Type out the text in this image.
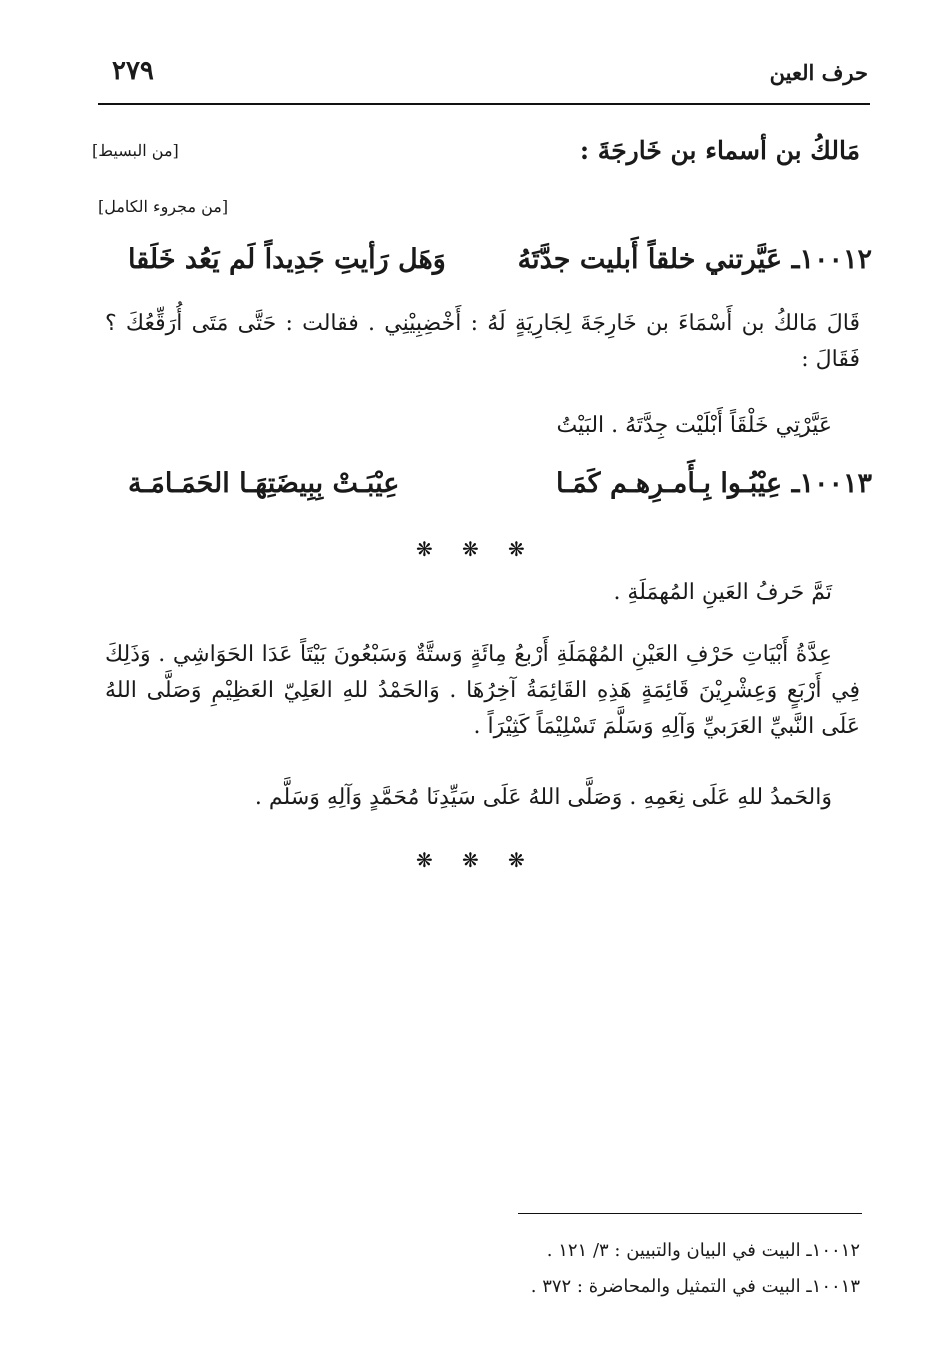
حرف العين
٢٧٩
مَالكُ بن أسماء بن خَارجَةَ :
[من البسيط]
[من مجروء الكامل]
١٠٠١٢ـ عَيَّرتني خلقاً أَبليت جدَّتَهُ
وَهَل رَأيتِ جَدِيداً لَم يَعُد خَلَقا
قَالَ مَالكُ بن أَسْمَاءَ بن خَارِجَةَ لِجَارِيَةٍ لَهُ : أَخْضِبِيْنِي . فقالت : حَتَّى مَتَى أُرَقِّعُكَ ؟ فَقَالَ :
عَيَّرْتِي خَلْقَاً أَبْلَيْت جِدَّتَهُ . البَيْتُ
١٠٠١٣ـ عِيْبُـوا بِـأَمـرِهـم كَمَـا
عِيْبَـتْ بِبِيضَتِهَـا الحَمَـامَـة
❋ ❋ ❋
تَمَّ حَرفُ العَينِ المُهمَلَةِ .
عِدَّةُ أَبْيَاتِ حَرْفِ العَيْنِ المُهْمَلَةِ أَرْبعُ مِائَةٍ وَستَّةٌ وَسَبْعُونَ بَيْتَاً عَدَا الحَوَاشِي . وَذَلِكَ فِي أَرْبَعٍ وَعِشْرِيْنَ قَائِمَةٍ هَذِهِ القَائِمَةُ آخِرُهَا . وَالحَمْدُ للهِ العَلِيّ العَظِيْمِ وَصَلَّى اللهُ عَلَى النَّبيِّ العَرَبيِّ وَآلِهِ وَسَلَّمَ تَسْلِيْمَاً كَثِيْرَاً .
وَالحَمدُ للهِ عَلَى نِعَمِهِ . وَصَلَّى اللهُ عَلَى سَيِّدِنَا مُحَمَّدٍ وَآلِهِ وَسَلَّم .
❋ ❋ ❋
١٠٠١٢ـ البيت في البيان والتبيين : ٣/ ١٢١ .
١٠٠١٣ـ البيت في التمثيل والمحاضرة : ٣٧٢ .
